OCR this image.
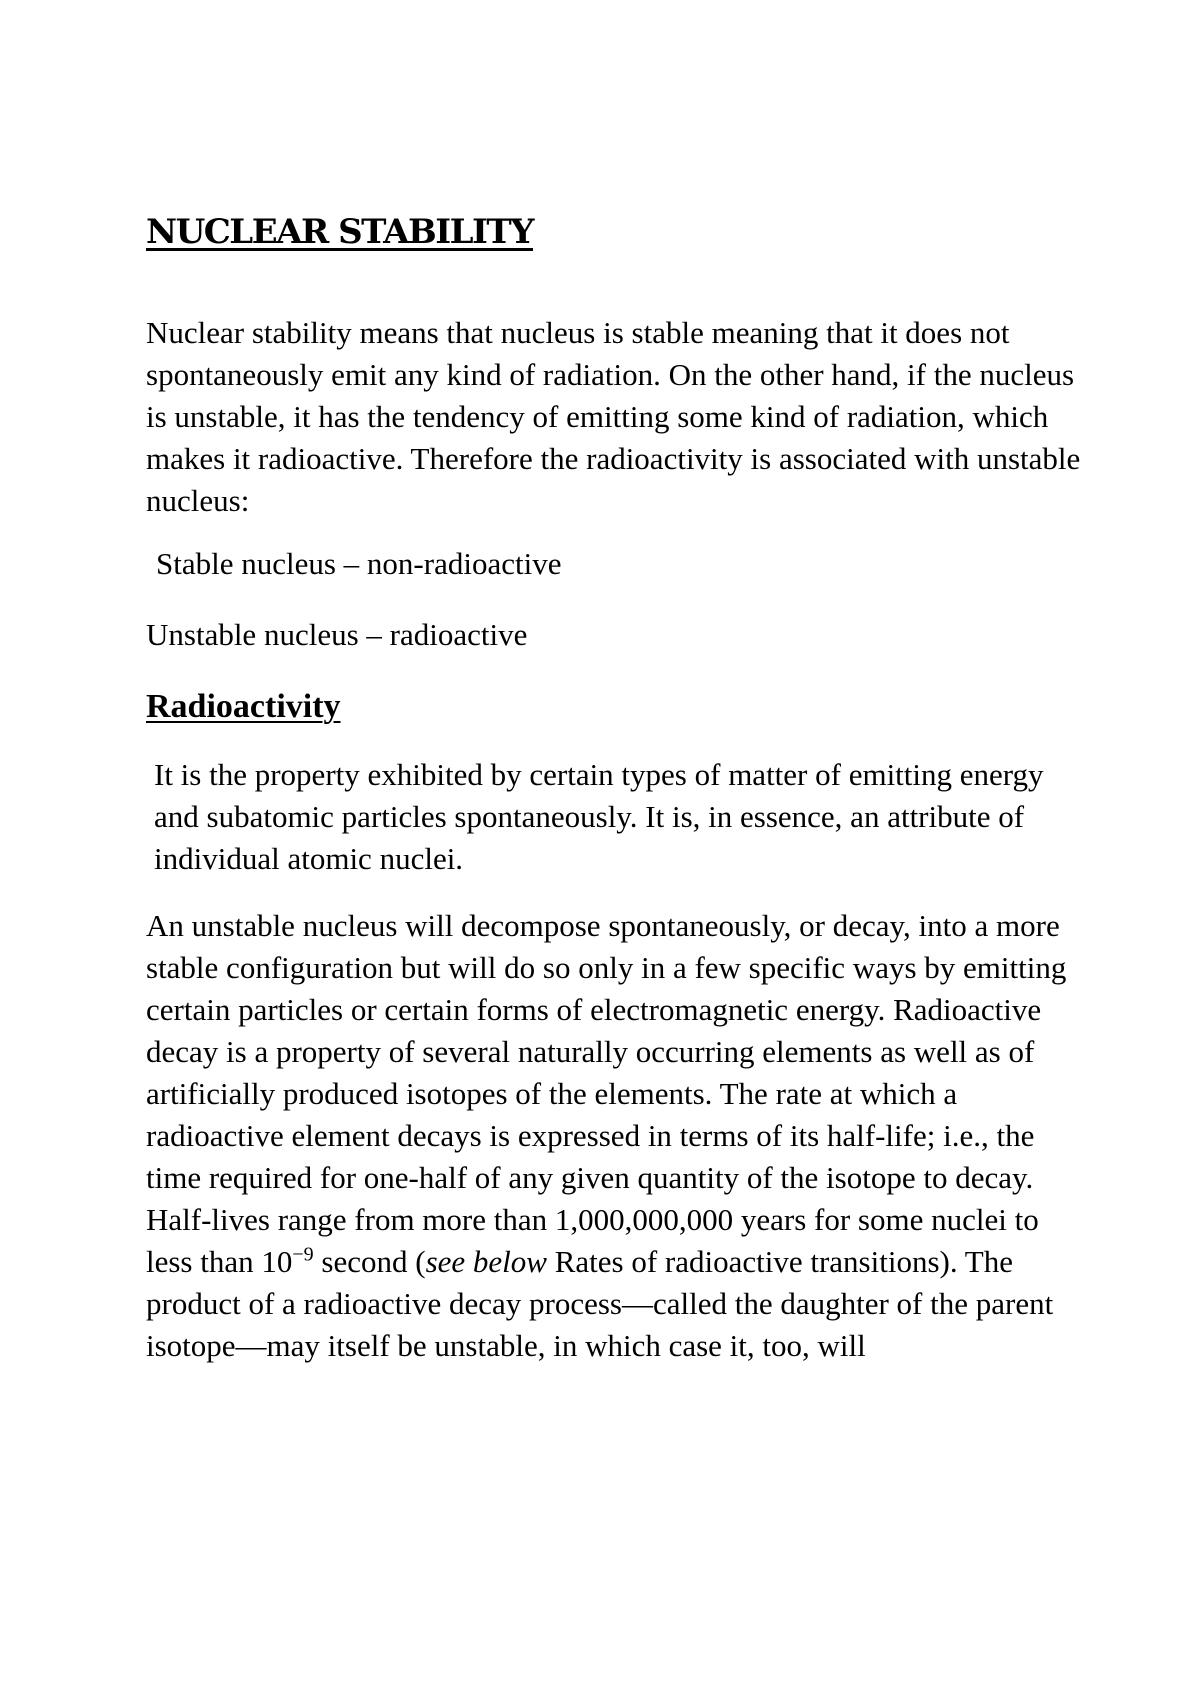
NUCLEAR STABILITY

Nuclear stability means that nucleus is stable meaning that it does not spontaneously emit any kind of radiation. On the other hand, if the nucleus is unstable, it has the tendency of emitting some kind of radiation, which makes it radioactive. Therefore the radioactivity is associated with unstable nucleus:

Stable nucleus – non-radioactive

Unstable nucleus – radioactive

Radioactivity

It is the property exhibited by certain types of matter of emitting energy and subatomic particles spontaneously. It is, in essence, an attribute of individual atomic nuclei.

An unstable nucleus will decompose spontaneously, or decay, into a more stable configuration but will do so only in a few specific ways by emitting certain particles or certain forms of electromagnetic energy. Radioactive decay is a property of several naturally occurring elements as well as of artificially produced isotopes of the elements. The rate at which a radioactive element decays is expressed in terms of its half-life; i.e., the time required for one-half of any given quantity of the isotope to decay. Half-lives range from more than 1,000,000,000 years for some nuclei to less than $10^{-9}$ second (see below Rates of radioactive transitions). The product of a radioactive decay process—called the daughter of the parent isotope—may itself be unstable, in which case it, too, will
